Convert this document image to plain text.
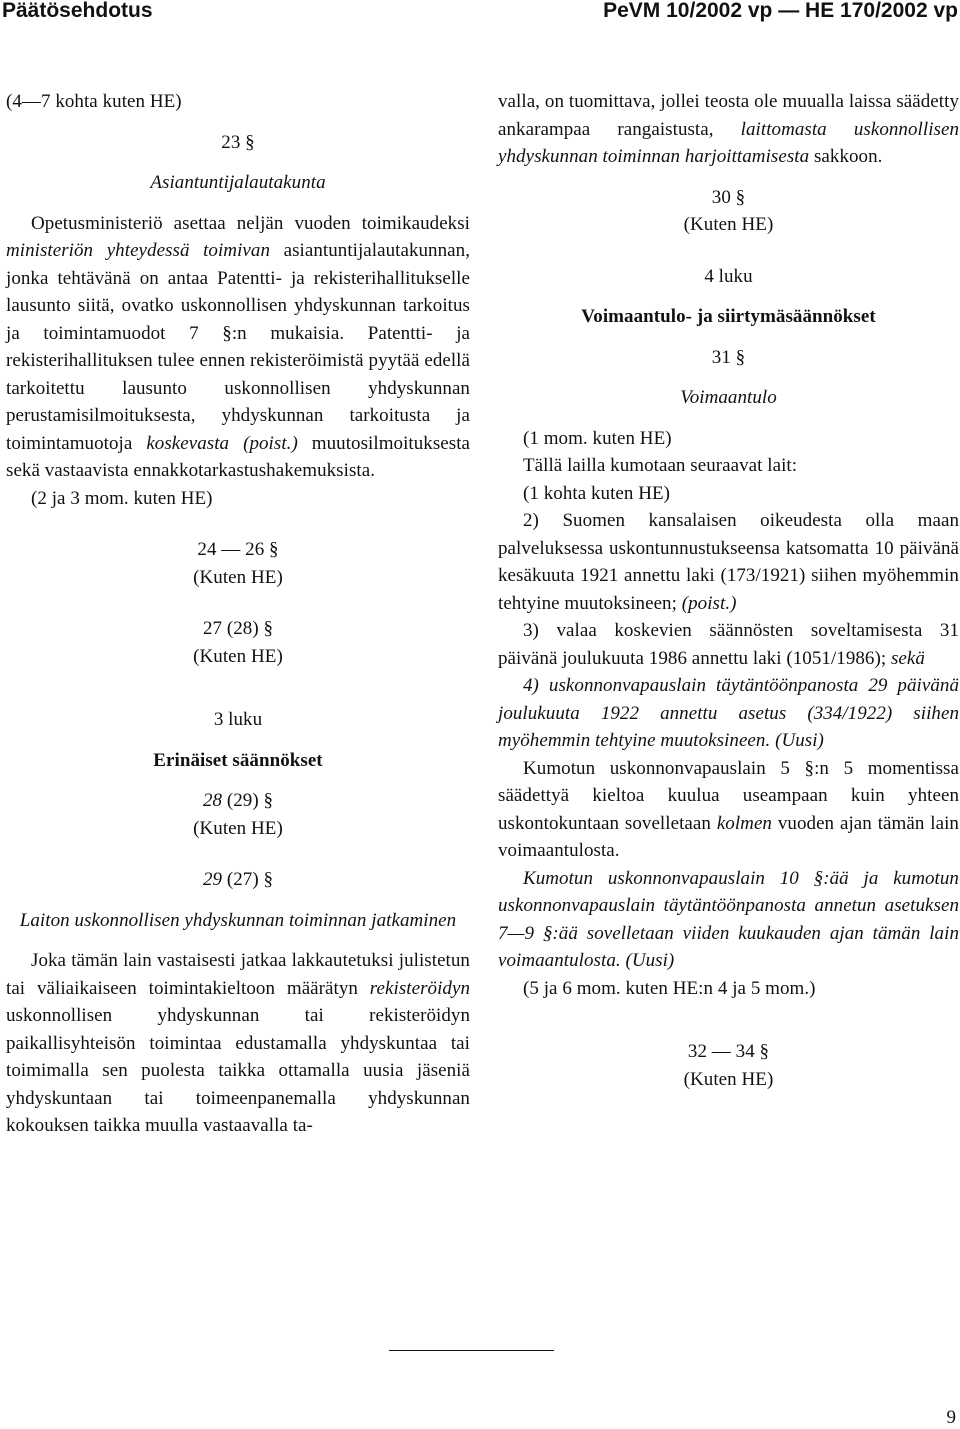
Päätösehdotus	PeVM 10/2002 vp — HE 170/2002 vp

(4—7 kohta kuten HE)

23 §

Asiantuntijalautakunta

Opetusministeriö asettaa neljän vuoden toimikaudeksi ministeriön yhteydessä toimivan asiantuntijalautakunnan, jonka tehtävänä on antaa Patentti- ja rekisterihallitukselle lausunto siitä, ovatko uskonnollisen yhdyskunnan tarkoitus ja toimintamuodot 7 §:n mukaisia. Patentti- ja rekisterihallituksen tulee ennen rekisteröimistä pyytää edellä tarkoitettu lausunto uskonnollisen yhdyskunnan perustamisilmoituksesta, yhdyskunnan tarkoitusta ja toimintamuotoja koskevasta (poist.) muutosilmoituksesta sekä vastaavista ennakkotarkastushakemuksista.

(2 ja 3 mom. kuten HE)

24 — 26 §

(Kuten HE)

27 (28) §

(Kuten HE)

3 luku

Erinäiset säännökset

28 (29) §

(Kuten HE)

29 (27) §

Laiton uskonnollisen yhdyskunnan toiminnan jatkaminen

Joka tämän lain vastaisesti jatkaa lakkautetuksi julistetun tai väliaikaiseen toimintakieltoon määrätyn rekisteröidyn uskonnollisen yhdyskunnan tai rekisteröidyn paikallisyhteisön toimintaa edustamalla yhdyskuntaa tai toimimalla sen puolesta taikka ottamalla uusia jäseniä yhdyskuntaan tai toimeenpanemalla yhdyskunnan kokouksen taikka muulla vastaavalla ta-

valla, on tuomittava, jollei teosta ole muualla laissa säädetty ankarampaa rangaistusta, laittomasta uskonnollisen yhdyskunnan toiminnan harjoittamisesta sakkoon.

30 §

(Kuten HE)

4 luku

Voimaantulo- ja siirtymäsäännökset

31 §

Voimaantulo

(1 mom. kuten HE)

Tällä lailla kumotaan seuraavat lait:

(1 kohta kuten HE)

2) Suomen kansalaisen oikeudesta olla maan palveluksessa uskontunnustukseensa katsomatta 10 päivänä kesäkuuta 1921 annettu laki (173/1921) siihen myöhemmin tehtyine muutoksineen; (poist.)

3) valaa koskevien säännösten soveltamisesta 31 päivänä joulukuuta 1986 annettu laki (1051/1986); sekä

4) uskonnonvapauslain täytäntöönpanosta 29 päivänä joulukuuta 1922 annettu asetus (334/1922) siihen myöhemmin tehtyine muutoksineen. (Uusi)

Kumotun uskonnonvapauslain 5 §:n 5 momentissa säädettyä kieltoa kuulua useampaan kuin yhteen uskontokuntaan sovelletaan kolmen vuoden ajan tämän lain voimaantulosta.

Kumotun uskonnonvapauslain 10 §:ää ja kumotun uskonnonvapauslain täytäntöönpanosta annetun asetuksen 7—9 §:ää sovelletaan viiden kuukauden ajan tämän lain voimaantulosta. (Uusi)

(5 ja 6 mom. kuten HE:n 4 ja 5 mom.)

32 — 34 §

(Kuten HE)

9
